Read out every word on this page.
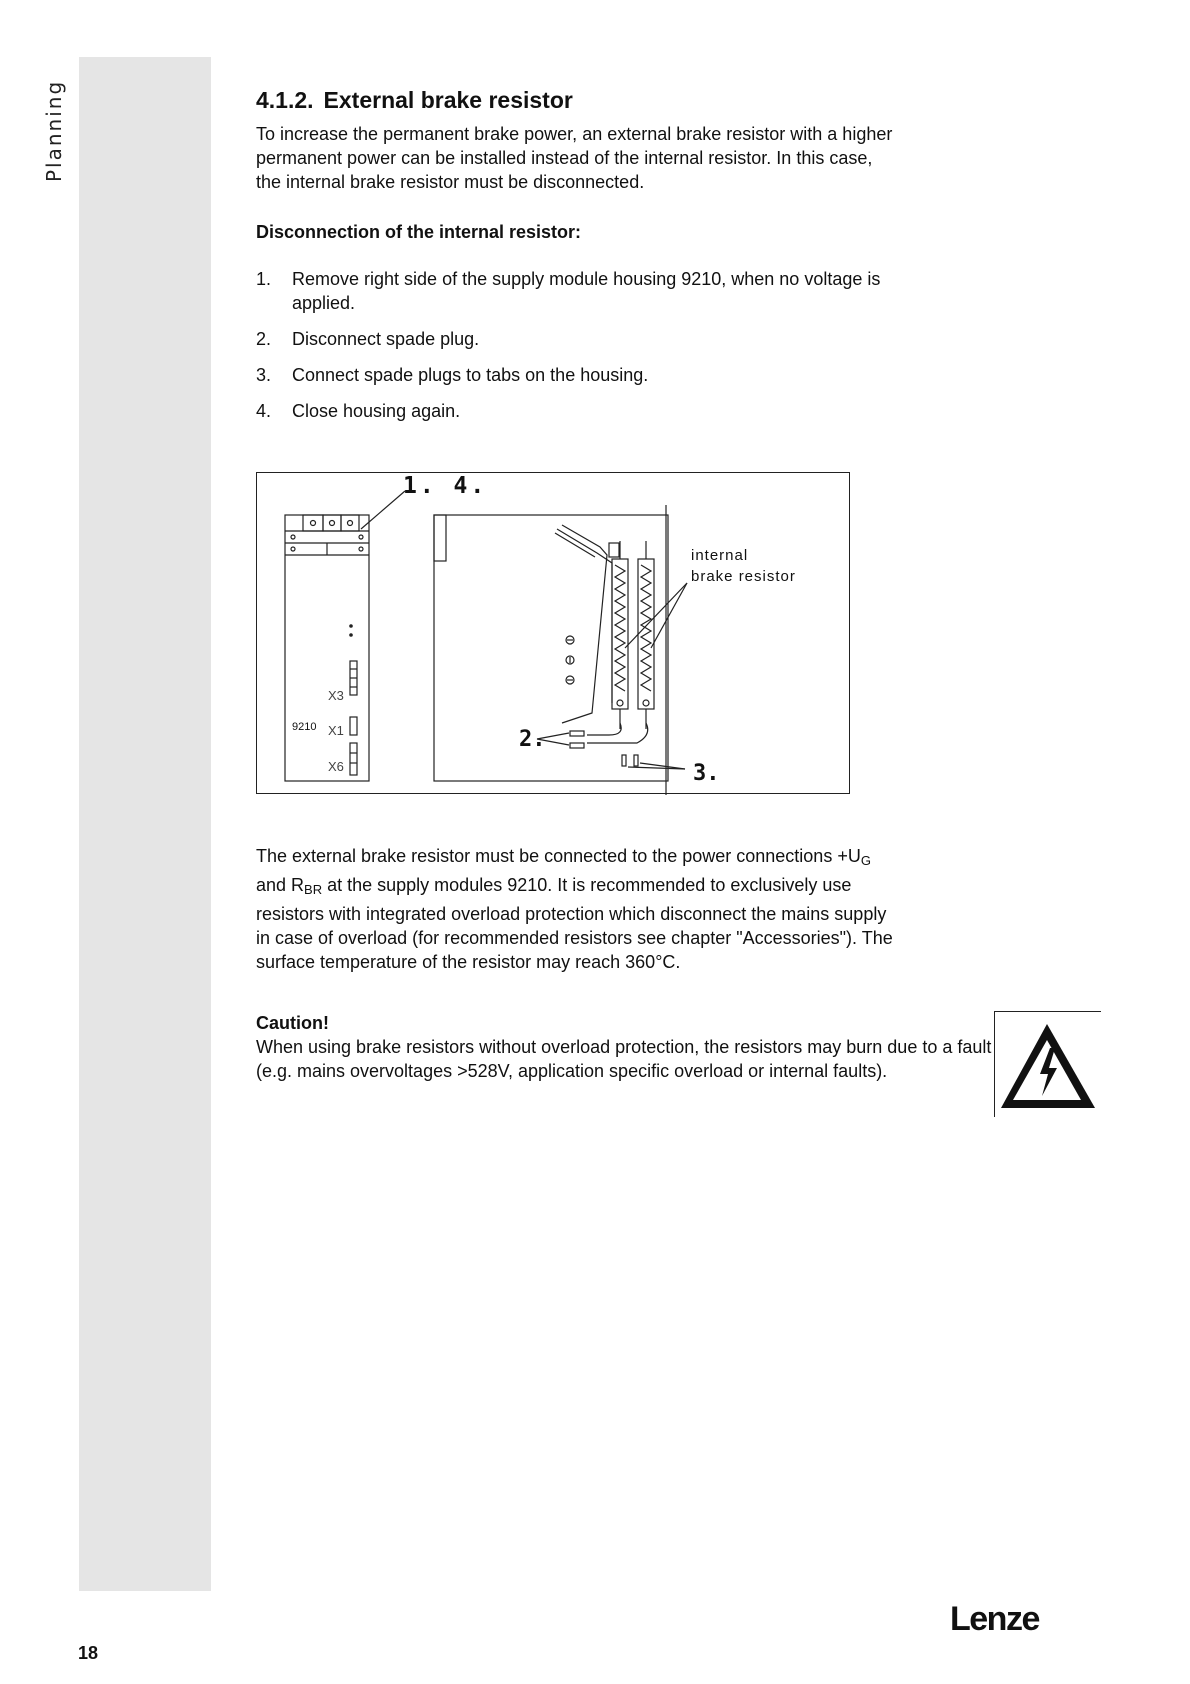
Planning	4.1.2. External brake resistor

To increase the permanent brake power, an external brake resistor with a higher permanent power can be installed instead of the internal resistor. In this case, the internal brake resistor must be disconnected.

Disconnection of the internal resistor:
1.	Remove right side of the supply module housing 9210, when no voltage is applied.
2.	Disconnect spade plug.
3.	Connect spade plugs to tabs on the housing.
4.	Close housing again.
1. 4.
2.
3.
internal
brake resistor
9210
X3
X1
X6

The external brake resistor must be connected to the power connections $+U_G$ and $R_{BR}$ at the supply modules 9210. It is recommended to exclusively use resistors with integrated overload protection which disconnect the mains supply in case of overload (for recommended resistors see chapter "Accessories"). The surface temperature of the resistor may reach 360°C.

Caution!

When using brake resistors without overload protection, the resistors may burn due to a fault (e.g. mains overvoltages >528V, application specific overload or internal faults).

18
Lenze
